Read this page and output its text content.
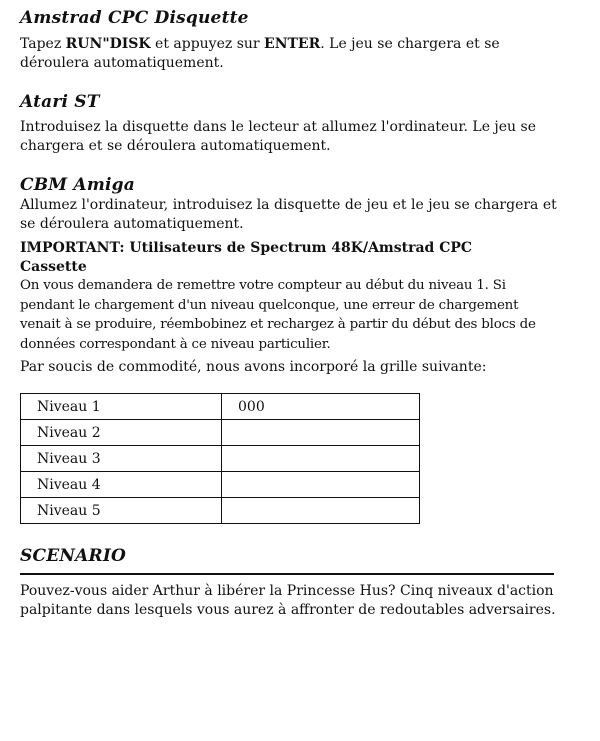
Amstrad CPC Disquette

Tapez RUN"DISK et appuyez sur ENTER. Le jeu se chargera et se déroulera automatiquement.

Atari ST

Introduisez la disquette dans le lecteur at allumez l'ordinateur. Le jeu se chargera et se déroulera automatiquement.

CBM Amiga

Allumez l'ordinateur, introduisez la disquette de jeu et le jeu se chargera et se déroulera automatiquement.

IMPORTANT: Utilisateurs de Spectrum 48K/Amstrad CPC Cassette

On vous demandera de remettre votre compteur au début du niveau 1. Si pendant le chargement d'un niveau quelconque, une erreur de chargement venait à se produire, réembobinez et rechargez à partir du début des blocs de données correspondant à ce niveau particulier.

Par soucis de commodité, nous avons incorporé la grille suivante:

Niveau 1	000
Niveau 2	
Niveau 3	
Niveau 4	
Niveau 5	
SCENARIO

Pouvez-vous aider Arthur à libérer la Princesse Hus? Cinq niveaux d'action palpitante dans lesquels vous aurez à affronter de redoutables adversaires.
